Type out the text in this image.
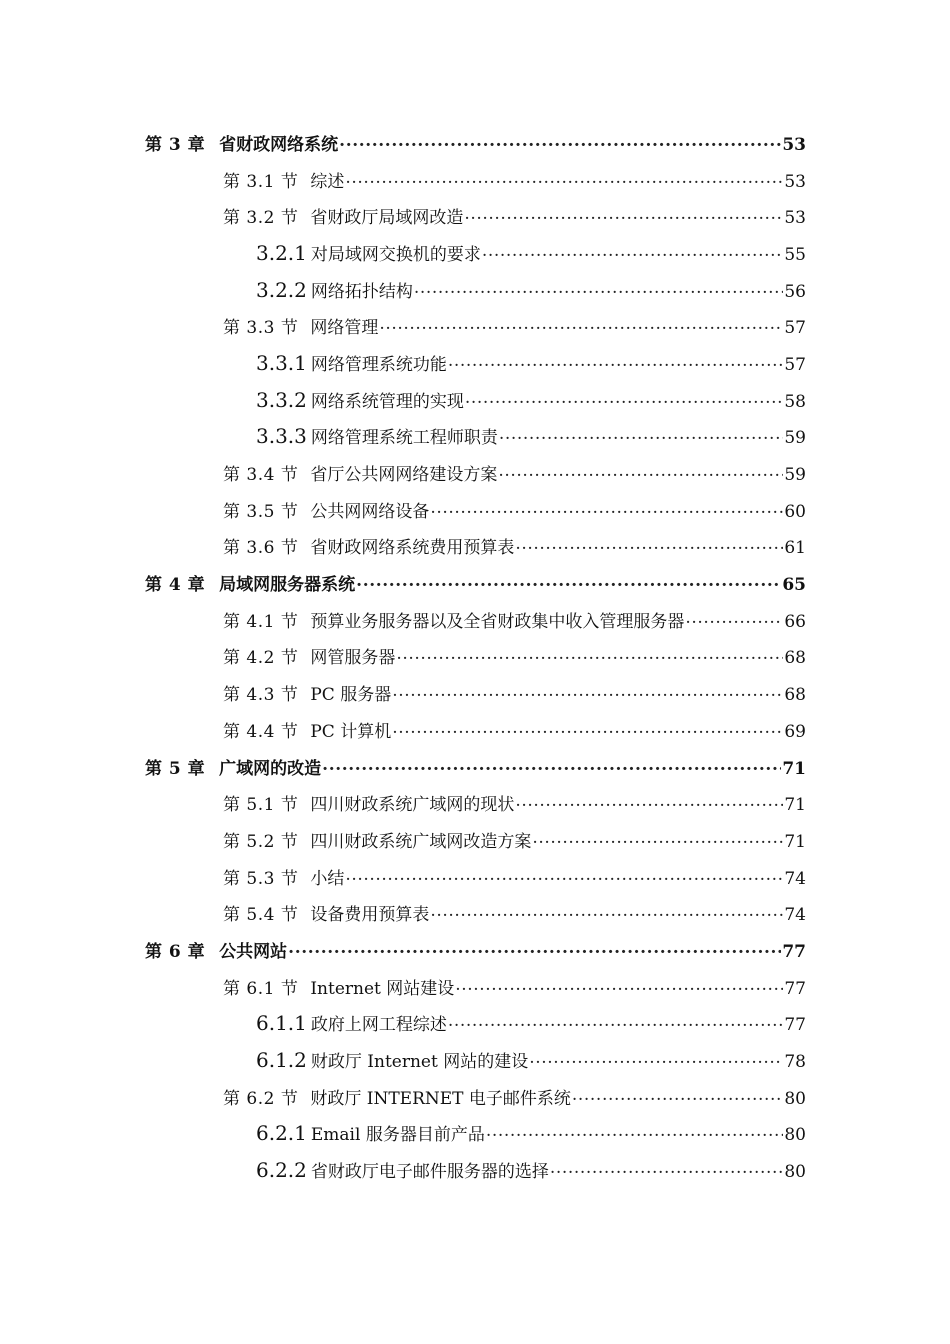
第 3 章 省财政网络系统 .....	53
第 3.1 节 综述 .....	53
第 3.2 节 省财政厅局域网改造 .....	53
3.2.1 对局域网交换机的要求 .....	55
3.2.2 网络拓扑结构 .....	56
第 3.3 节 网络管理 .....	57
3.3.1 网络管理系统功能 .....	57
3.3.2 网络系统管理的实现 .....	58
3.3.3 网络管理系统工程师职责 .....	59
第 3.4 节 省厅公共网网络建设方案 .....	59
第 3.5 节 公共网网络设备 .....	60
第 3.6 节 省财政网络系统费用预算表 .....	61
第 4 章 局域网服务器系统 .....	65
第 4.1 节 预算业务服务器以及全省财政集中收入管理服务器 .....	66
第 4.2 节 网管服务器 .....	68
第 4.3 节 PC 服务器 .....	68
第 4.4 节 PC 计算机 .....	69
第 5 章 广域网的改造 .....	71
第 5.1 节 四川财政系统广域网的现状 .....	71
第 5.2 节 四川财政系统广域网改造方案 .....	71
第 5.3 节 小结 .....	74
第 5.4 节 设备费用预算表 .....	74
第 6 章 公共网站 .....	77
第 6.1 节 Internet 网站建设 .....	77
6.1.1 政府上网工程综述 .....	77
6.1.2 财政厅 Internet 网站的建设 .....	78
第 6.2 节 财政厅 INTERNET 电子邮件系统 .....	80
6.2.1 Email 服务器目前产品 .....	80
6.2.2 省财政厅电子邮件服务器的选择 .....	80
